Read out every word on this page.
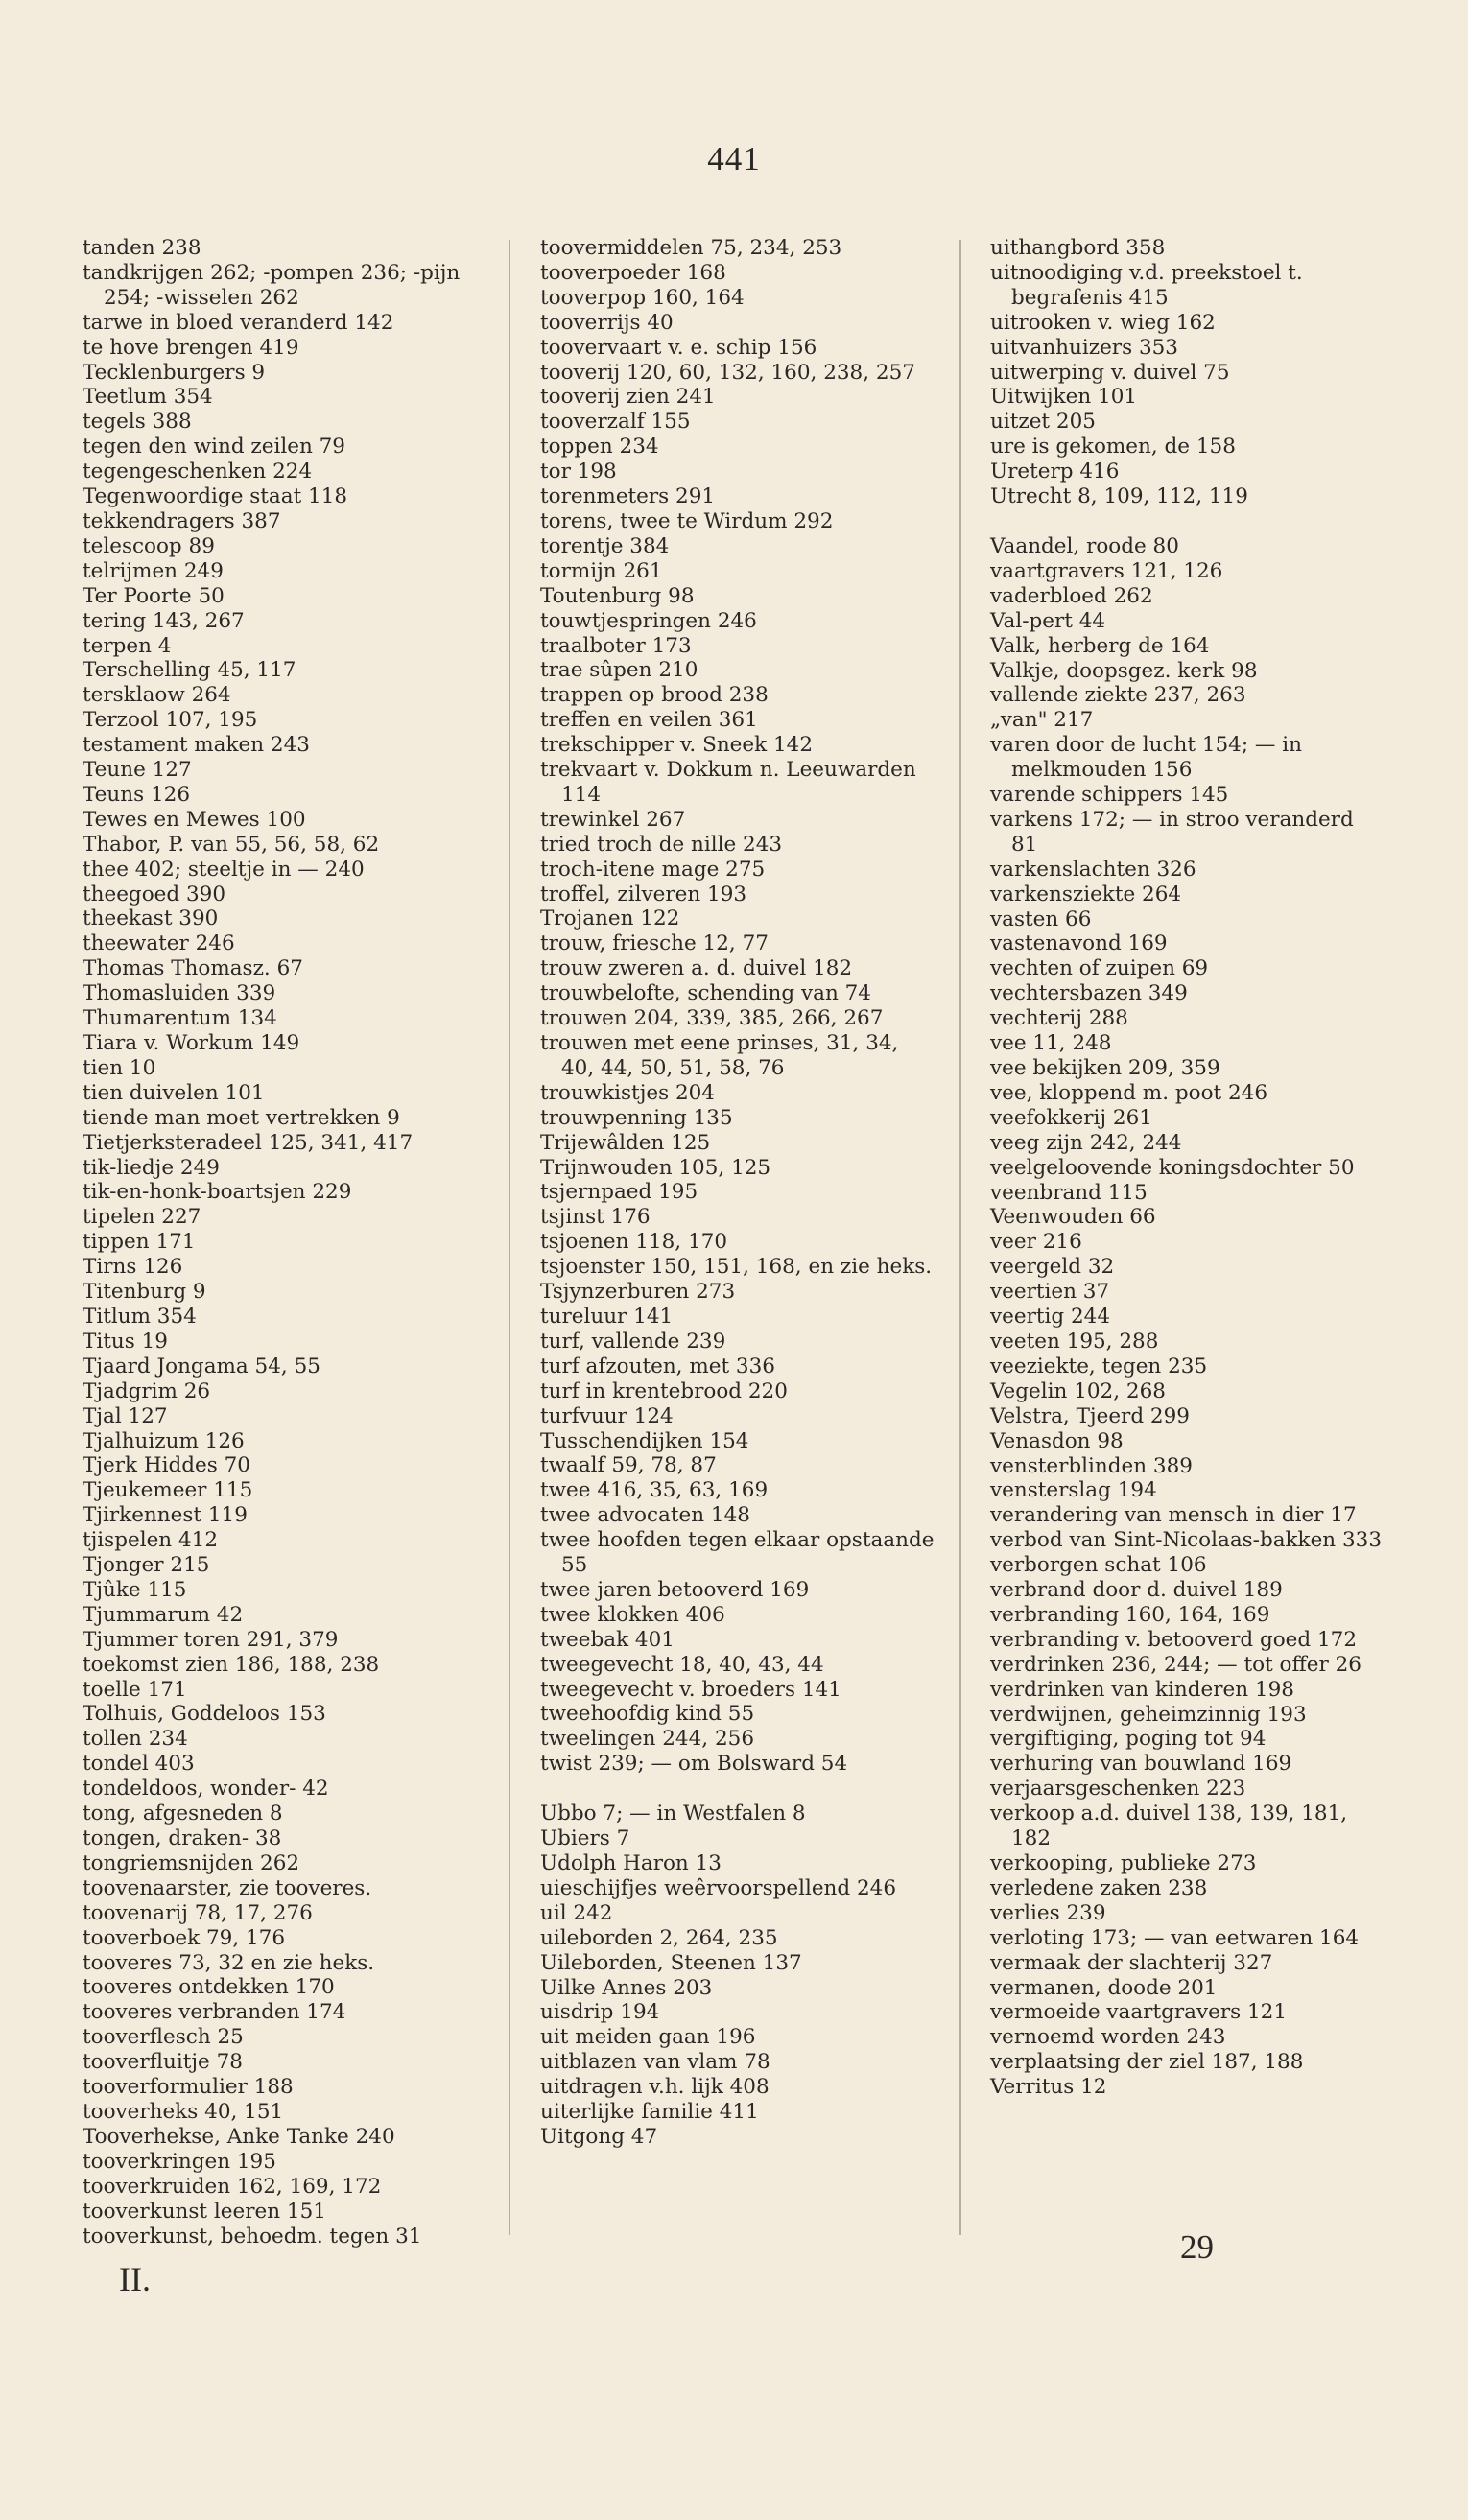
441
tanden 238
tandkrijgen 262; -pompen 236; -pijn 254; -wisselen 262
tarwe in bloed veranderd 142
te hove brengen 419
Tecklenburgers 9
Teetlum 354
tegels 388
tegen den wind zeilen 79
tegengeschenken 224
Tegenwoordige staat 118
tekkendragers 387
telescoop 89
telrijmen 249
Ter Poorte 50
tering 143, 267
terpen 4
Terschelling 45, 117
tersklaow 264
Terzool 107, 195
testament maken 243
Teune 127
Teuns 126
Tewes en Mewes 100
Thabor, P. van 55, 56, 58, 62
thee 402; steeltje in — 240
theegoed 390
theekast 390
theewater 246
Thomas Thomasz. 67
Thomasluiden 339
Thumarentum 134
Tiara v. Workum 149
tien 10
tien duivelen 101
tiende man moet vertrekken 9
Tietjerksteradeel 125, 341, 417
tik-liedje 249
tik-en-honk-boartsjen 229
tipelen 227
tippen 171
Tirns 126
Titenburg 9
Titlum 354
Titus 19
Tjaard Jongama 54, 55
Tjadgrim 26
Tjal 127
Tjalhuizum 126
Tjerk Hiddes 70
Tjeukemeer 115
Tjirkennest 119
tjispelen 412
Tjonger 215
Tjûke 115
Tjummarum 42
Tjummer toren 291, 379
toekomst zien 186, 188, 238
toelle 171
Tolhuis, Goddeloos 153
tollen 234
tondel 403
tondeldoos, wonder- 42
tong, afgesneden 8
tongen, draken- 38
tongriemsnijden 262
toovenaarster, zie tooveres.
toovenarij 78, 17, 276
tooverboek 79, 176
tooveres 73, 32 en zie heks.
tooveres ontdekken 170
tooveres verbranden 174
tooverflesch 25
tooverfluitje 78
tooverformulier 188
tooverheks 40, 151
Tooverhekse, Anke Tanke 240
tooverkringen 195
tooverkruiden 162, 169, 172
tooverkunst leeren 151
tooverkunst, behoedm. tegen 31
toovermiddelen 75, 234, 253
tooverpoeder 168
tooverpop 160, 164
tooverrijs 40
toovervaart v. e. schip 156
tooverij 120, 60, 132, 160, 238, 257
tooverij zien 241
tooverzalf 155
toppen 234
tor 198
torenmeters 291
torens, twee te Wirdum 292
torentje 384
tormijn 261
Toutenburg 98
touwtjespringen 246
traalboter 173
trae sûpen 210
trappen op brood 238
treffen en veilen 361
trekschipper v. Sneek 142
trekvaart v. Dokkum n. Leeuwarden 114
trewinkel 267
tried troch de nille 243
troch-itene mage 275
troffel, zilveren 193
Trojanen 122
trouw, friesche 12, 77
trouw zweren a. d. duivel 182
trouwbelofte, schending van 74
trouwen 204, 339, 385, 266, 267
trouwen met eene prinses, 31, 34, 40, 44, 50, 51, 58, 76
trouwkistjes 204
trouwpenning 135
Trijewâlden 125
Trijnwouden 105, 125
tsjernpaed 195
tsjinst 176
tsjoenen 118, 170
tsjoenster 150, 151, 168, en zie heks.
Tsjynzerburen 273
tureluur 141
turf, vallende 239
turf afzouten, met 336
turf in krentebrood 220
turfvuur 124
Tusschendijken 154
twaalf 59, 78, 87
twee 416, 35, 63, 169
twee advocaten 148
twee hoofden tegen elkaar opstaande 55
twee jaren betooverd 169
twee klokken 406
tweebak 401
tweegevecht 18, 40, 43, 44
tweegevecht v. broeders 141
tweehoofdig kind 55
tweelingen 244, 256
twist 239; — om Bolsward 54
Ubbo 7; — in Westfalen 8
Ubiers 7
Udolph Haron 13
uieschijfjes weêrvoorspellend 246
uil 242
uileborden 2, 264, 235
Uileborden, Steenen 137
Uilke Annes 203
uisdrip 194
uit meiden gaan 196
uitblazen van vlam 78
uitdragen v.h. lijk 408
uiterlijke familie 411
Uitgong 47
uithangbord 358
uitnoodiging v.d. preekstoel t. begrafenis 415
uitrooken v. wieg 162
uitvanhuizers 353
uitwerping v. duivel 75
Uitwijken 101
uitzet 205
ure is gekomen, de 158
Ureterp 416
Utrecht 8, 109, 112, 119
Vaandel, roode 80
vaartgravers 121, 126
vaderbloed 262
Val-pert 44
Valk, herberg de 164
Valkje, doopsgez. kerk 98
vallende ziekte 237, 263
„van" 217
varen door de lucht 154; — in melkmouden 156
varende schippers 145
varkens 172; — in stroo veranderd 81
varkenslachten 326
varkensziekte 264
vasten 66
vastenavond 169
vechten of zuipen 69
vechtersbazen 349
vechterij 288
vee 11, 248
vee bekijken 209, 359
vee, kloppend m. poot 246
veefokkerij 261
veeg zijn 242, 244
veelgeloovende koningsdochter 50
veenbrand 115
Veenwouden 66
veer 216
veergeld 32
veertien 37
veertig 244
veeten 195, 288
veeziekte, tegen 235
Vegelin 102, 268
Velstra, Tjeerd 299
Venasdon 98
vensterblinden 389
vensterslag 194
verandering van mensch in dier 17
verbod van Sint-Nicolaas-bakken 333
verborgen schat 106
verbrand door d. duivel 189
verbranding 160, 164, 169
verbranding v. betooverd goed 172
verdrinken 236, 244; — tot offer 26
verdrinken van kinderen 198
verdwijnen, geheimzinnig 193
vergiftiging, poging tot 94
verhuring van bouwland 169
verjaarsgeschenken 223
verkoop a.d. duivel 138, 139, 181, 182
verkooping, publieke 273
verledene zaken 238
verlies 239
verloting 173; — van eetwaren 164
vermaak der slachterij 327
vermanen, doode 201
vermoeide vaartgravers 121
vernoemd worden 243
verplaatsing der ziel 187, 188
Verritus 12
II.
29
